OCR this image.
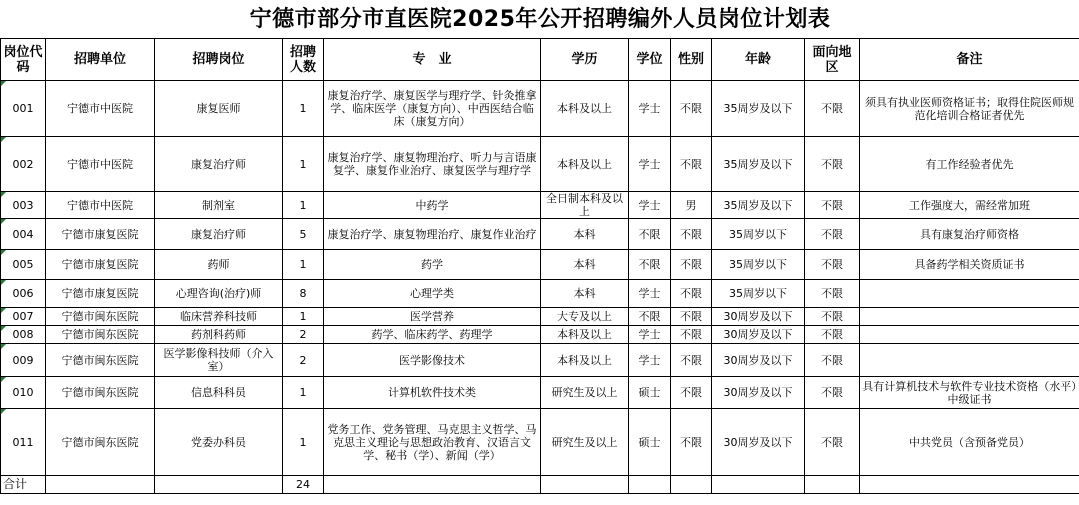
宁德市部分市直医院2025年公开招聘编外人员岗位计划表										
岗位代码	招聘单位	招聘岗位	招聘人数	专　业	学历	学位	性别	年龄	面向地区	备注
001	宁德市中医院	康复医师	1	康复治疗学、康复医学与理疗学、针灸推拿学、临床医学（康复方向）、中西医结合临床（康复方向）	本科及以上	学士	不限	35周岁及以下	不限	须具有执业医师资格证书；取得住院医师规范化培训合格证者优先
002	宁德市中医院	康复治疗师	1	康复治疗学、康复物理治疗、听力与言语康复学、康复作业治疗、康复医学与理疗学	本科及以上	学士	不限	35周岁及以下	不限	有工作经验者优先
003	宁德市中医院	制剂室	1	中药学	全日制本科及以上	学士	男	35周岁及以下	不限	工作强度大，需经常加班
004	宁德市康复医院	康复治疗师	5	康复治疗学、康复物理治疗、康复作业治疗	本科	不限	不限	35周岁以下	不限	具有康复治疗师资格
005	宁德市康复医院	药师	1	药学	本科	不限	不限	35周岁以下	不限	具备药学相关资质证书
006	宁德市康复医院	心理咨询(治疗)师	8	心理学类	本科	学士	不限	35周岁以下	不限	
007	宁德市闽东医院	临床营养科技师	1	医学营养	大专及以上	不限	不限	30周岁及以下	不限	
008	宁德市闽东医院	药剂科药师	2	药学、临床药学、药理学	本科及以上	学士	不限	30周岁及以下	不限	
009	宁德市闽东医院	医学影像科技师（介入室）	2	医学影像技术	本科及以上	学士	不限	30周岁及以下	不限	
010	宁德市闽东医院	信息科科员	1	计算机软件技术类	研究生及以上	硕士	不限	30周岁及以下	不限	具有计算机技术与软件专业技术资格（水平）中级证书
011	宁德市闽东医院	党委办科员	1	党务工作、党务管理、马克思主义哲学、马克思主义理论与思想政治教育、汉语言文学、秘书（学）、新闻（学）	研究生及以上	硕士	不限	30周岁及以下	不限	中共党员（含预备党员）
合计			24							
